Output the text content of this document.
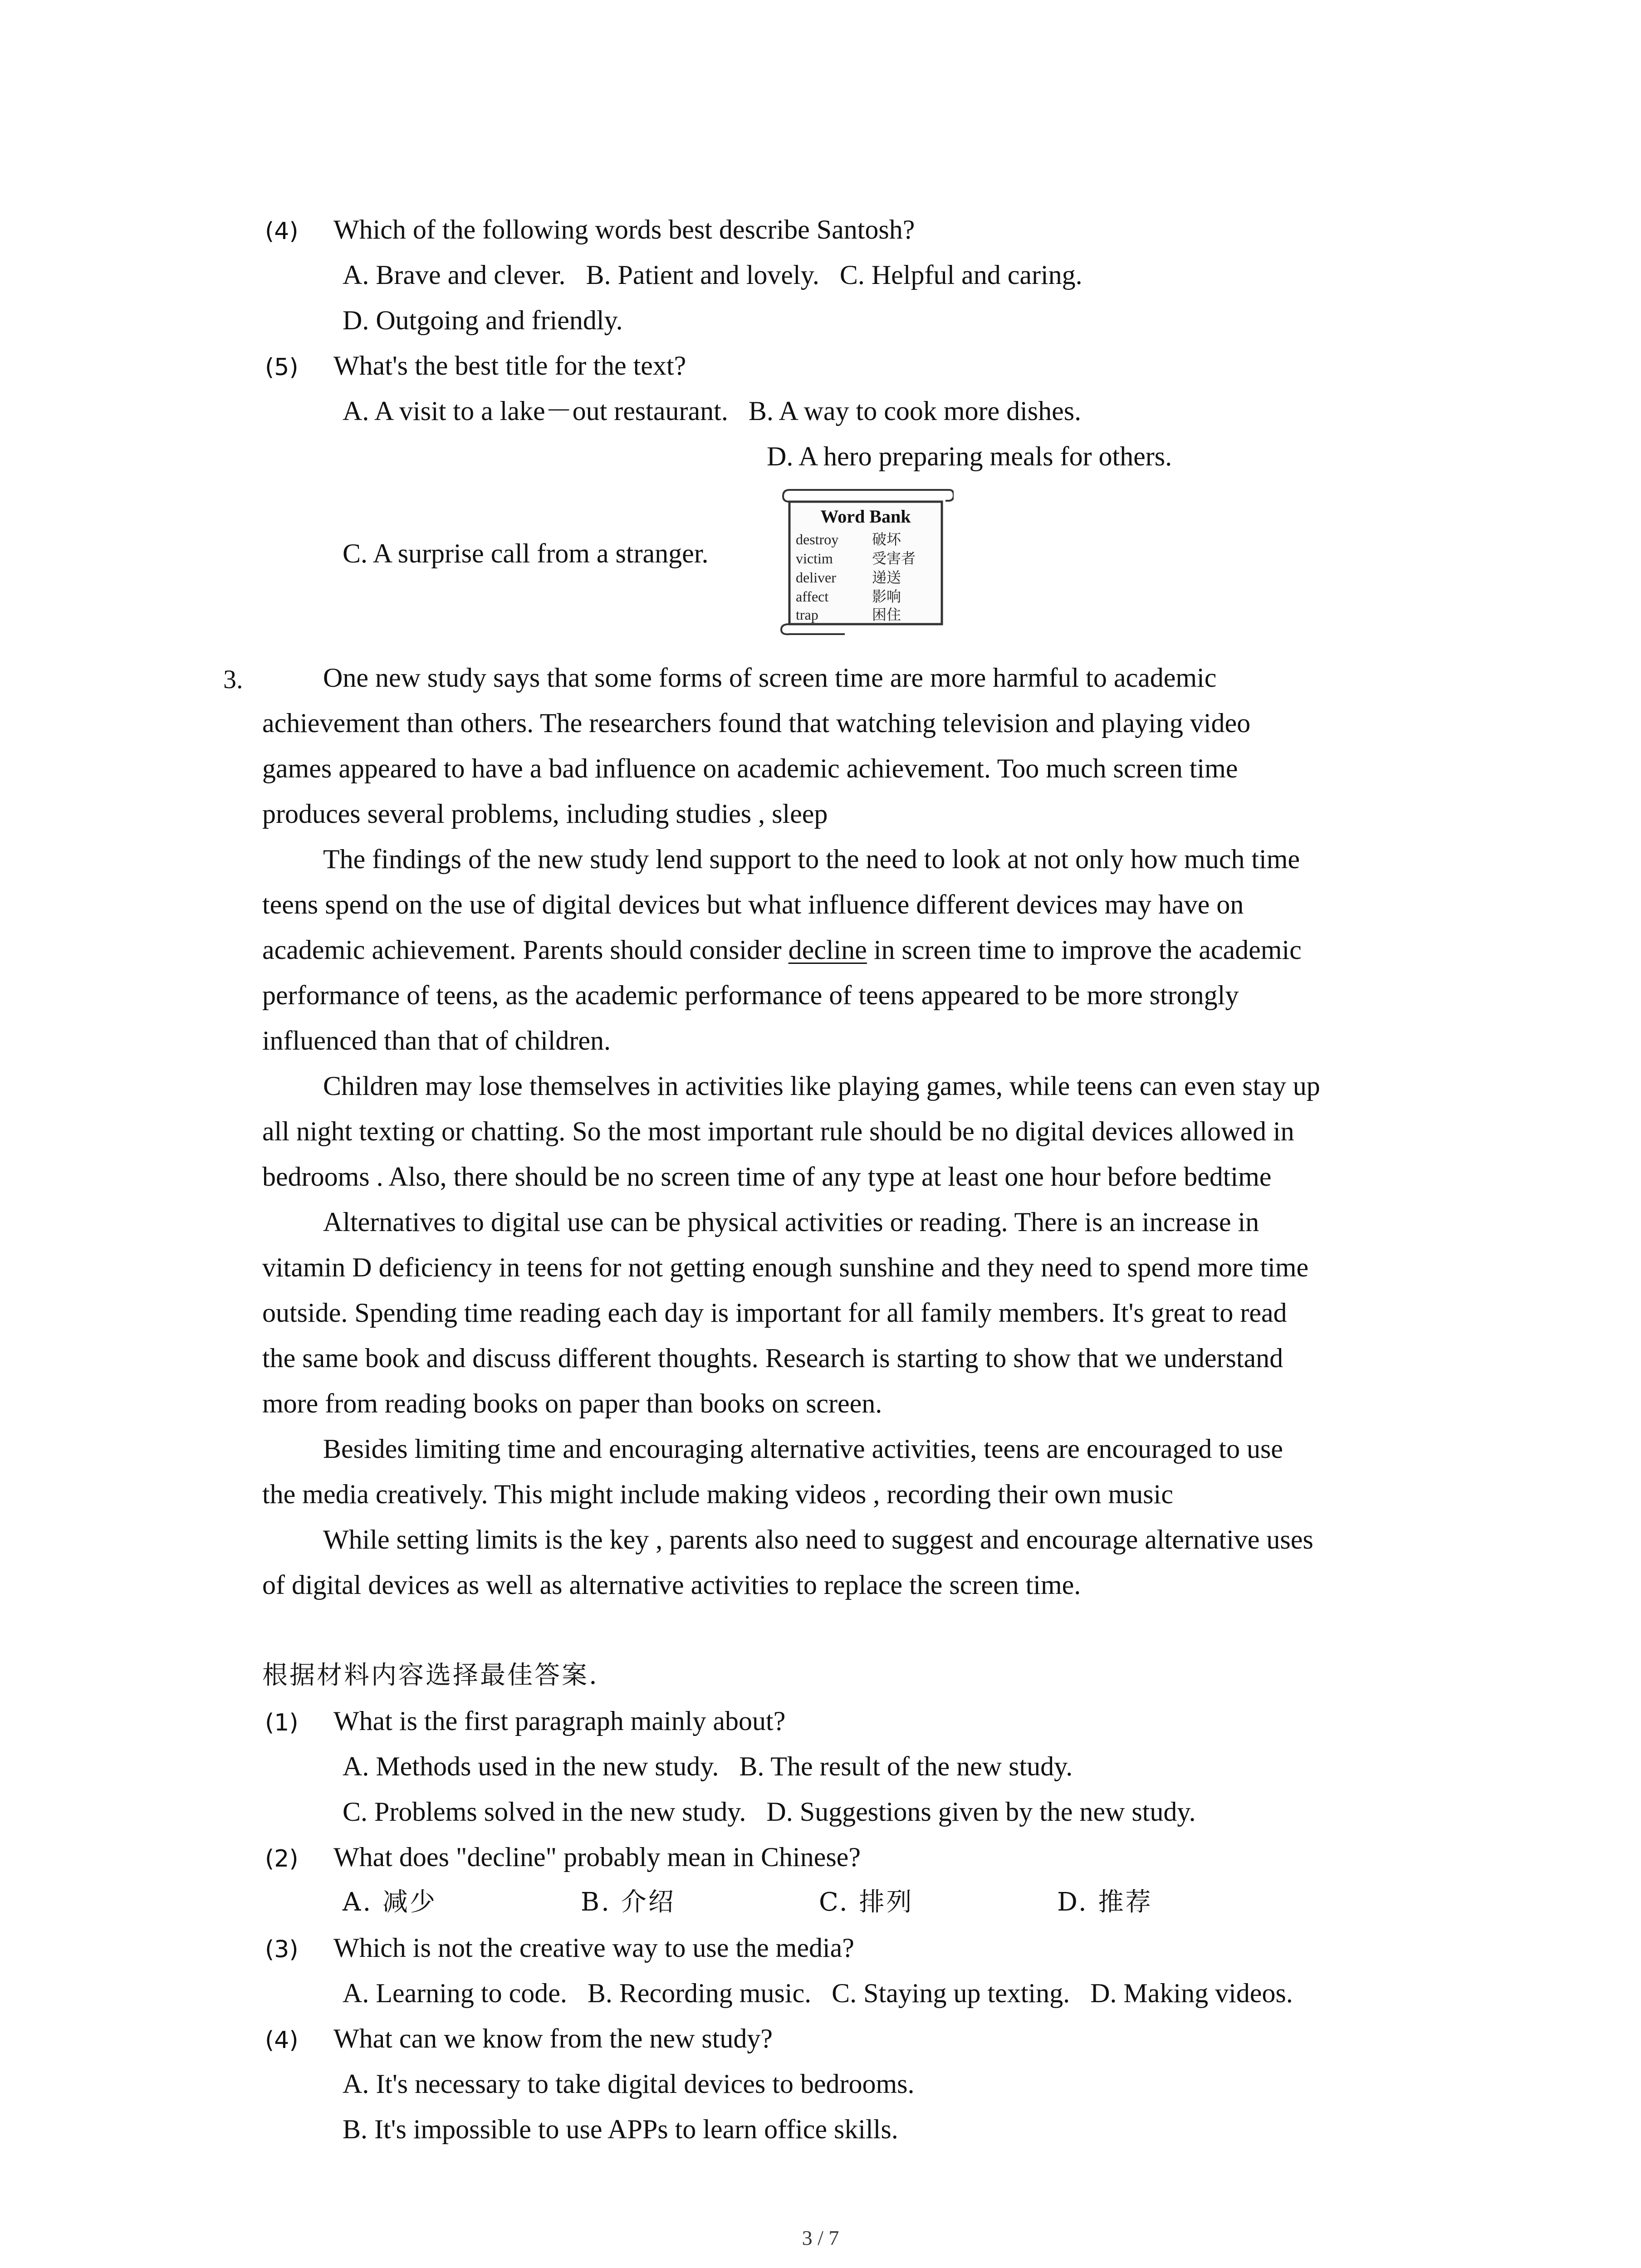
(4) Which of the following words best describe Santosh?
A. Brave and clever.   B. Patient and lovely.   C. Helpful and caring.
D. Outgoing and friendly.
(5) What's the best title for the text?
A. A visit to a lake－out restaurant.   B. A way to cook more dishes.
D. A hero preparing meals for others.
C. A surprise call from a stranger.
Word Bank
destroy 破坏
victim	受害者
deliver 递送
affect	影响
trap	困住
3.	One new study says that some forms of screen time are more harmful to academic
achievement than others. The researchers found that watching television and playing video
games appeared to have a bad influence on academic achievement. Too much screen time
produces several problems, including studies , sleep
The findings of the new study lend support to the need to look at not only how much time
teens spend on the use of digital devices but what influence different devices may have on
academic achievement. Parents should consider decline in screen time to improve the academic
performance of teens, as the academic performance of teens appeared to be more strongly
influenced than that of children.
Children may lose themselves in activities like playing games, while teens can even stay up
all night texting or chatting. So the most important rule should be no digital devices allowed in
bedrooms . Also, there should be no screen time of any type at least one hour before bedtime
Alternatives to digital use can be physical activities or reading. There is an increase in
vitamin D deficiency in teens for not getting enough sunshine and they need to spend more time
outside. Spending time reading each day is important for all family members. It's great to read
the same book and discuss different thoughts. Research is starting to show that we understand
more from reading books on paper than books on screen.
Besides limiting time and encouraging alternative activities, teens are encouraged to use
the media creatively. This might include making videos , recording their own music
While setting limits is the key , parents also need to suggest and encourage alternative uses
of digital devices as well as alternative activities to replace the screen time.
根据材料内容选择最佳答案.
(1) What is the first paragraph mainly about?
A. Methods used in the new study.   B. The result of the new study.
C. Problems solved in the new study.   D. Suggestions given by the new study.
(2) What does "decline" probably mean in Chinese?
A. 减少	B. 介绍	C. 排列	D. 推荐
(3) Which is not the creative way to use the media?
A. Learning to code.   B. Recording music.   C. Staying up texting.   D. Making videos.
(4) What can we know from the new study?
A. It's necessary to take digital devices to bedrooms.
B. It's impossible to use APPs to learn office skills.
3 / 7
